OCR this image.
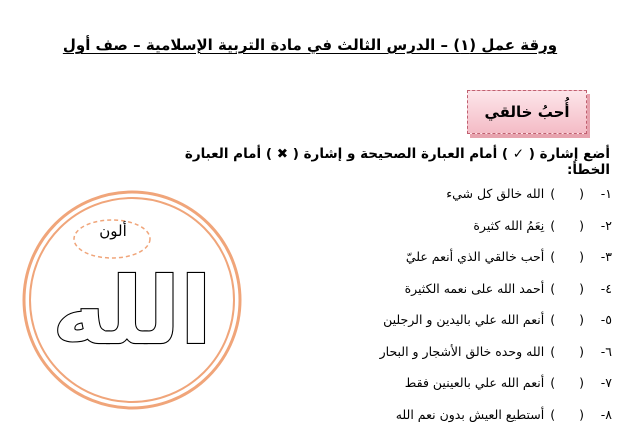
ورقة عمل (١) – الدرس الثالث في مادة التربية الإسلامية – صف أول
أُحبُ خالقي
أضع إشارة ( ✓ ) أمام العبارة الصحيحة و إشارة ( ✖ ) أمام العبارة الخطأ:
١-
(
)
الله خالق كل شيء
٢-
(
)
نِعَمُ الله كثيرة
٣-
(
)
أحب خالقي الذي أنعم عليّ
٤-
(
)
أحمد الله على نعمه الكثيرة
٥-
(
)
أنعم الله علي باليدين و الرجلين
٦-
(
)
الله وحده خالق الأشجار و البحار
٧-
(
)
أنعم الله علي بالعينين فقط
٨-
(
)
أستطيع العيش بدون نعم الله
الله
ألون
